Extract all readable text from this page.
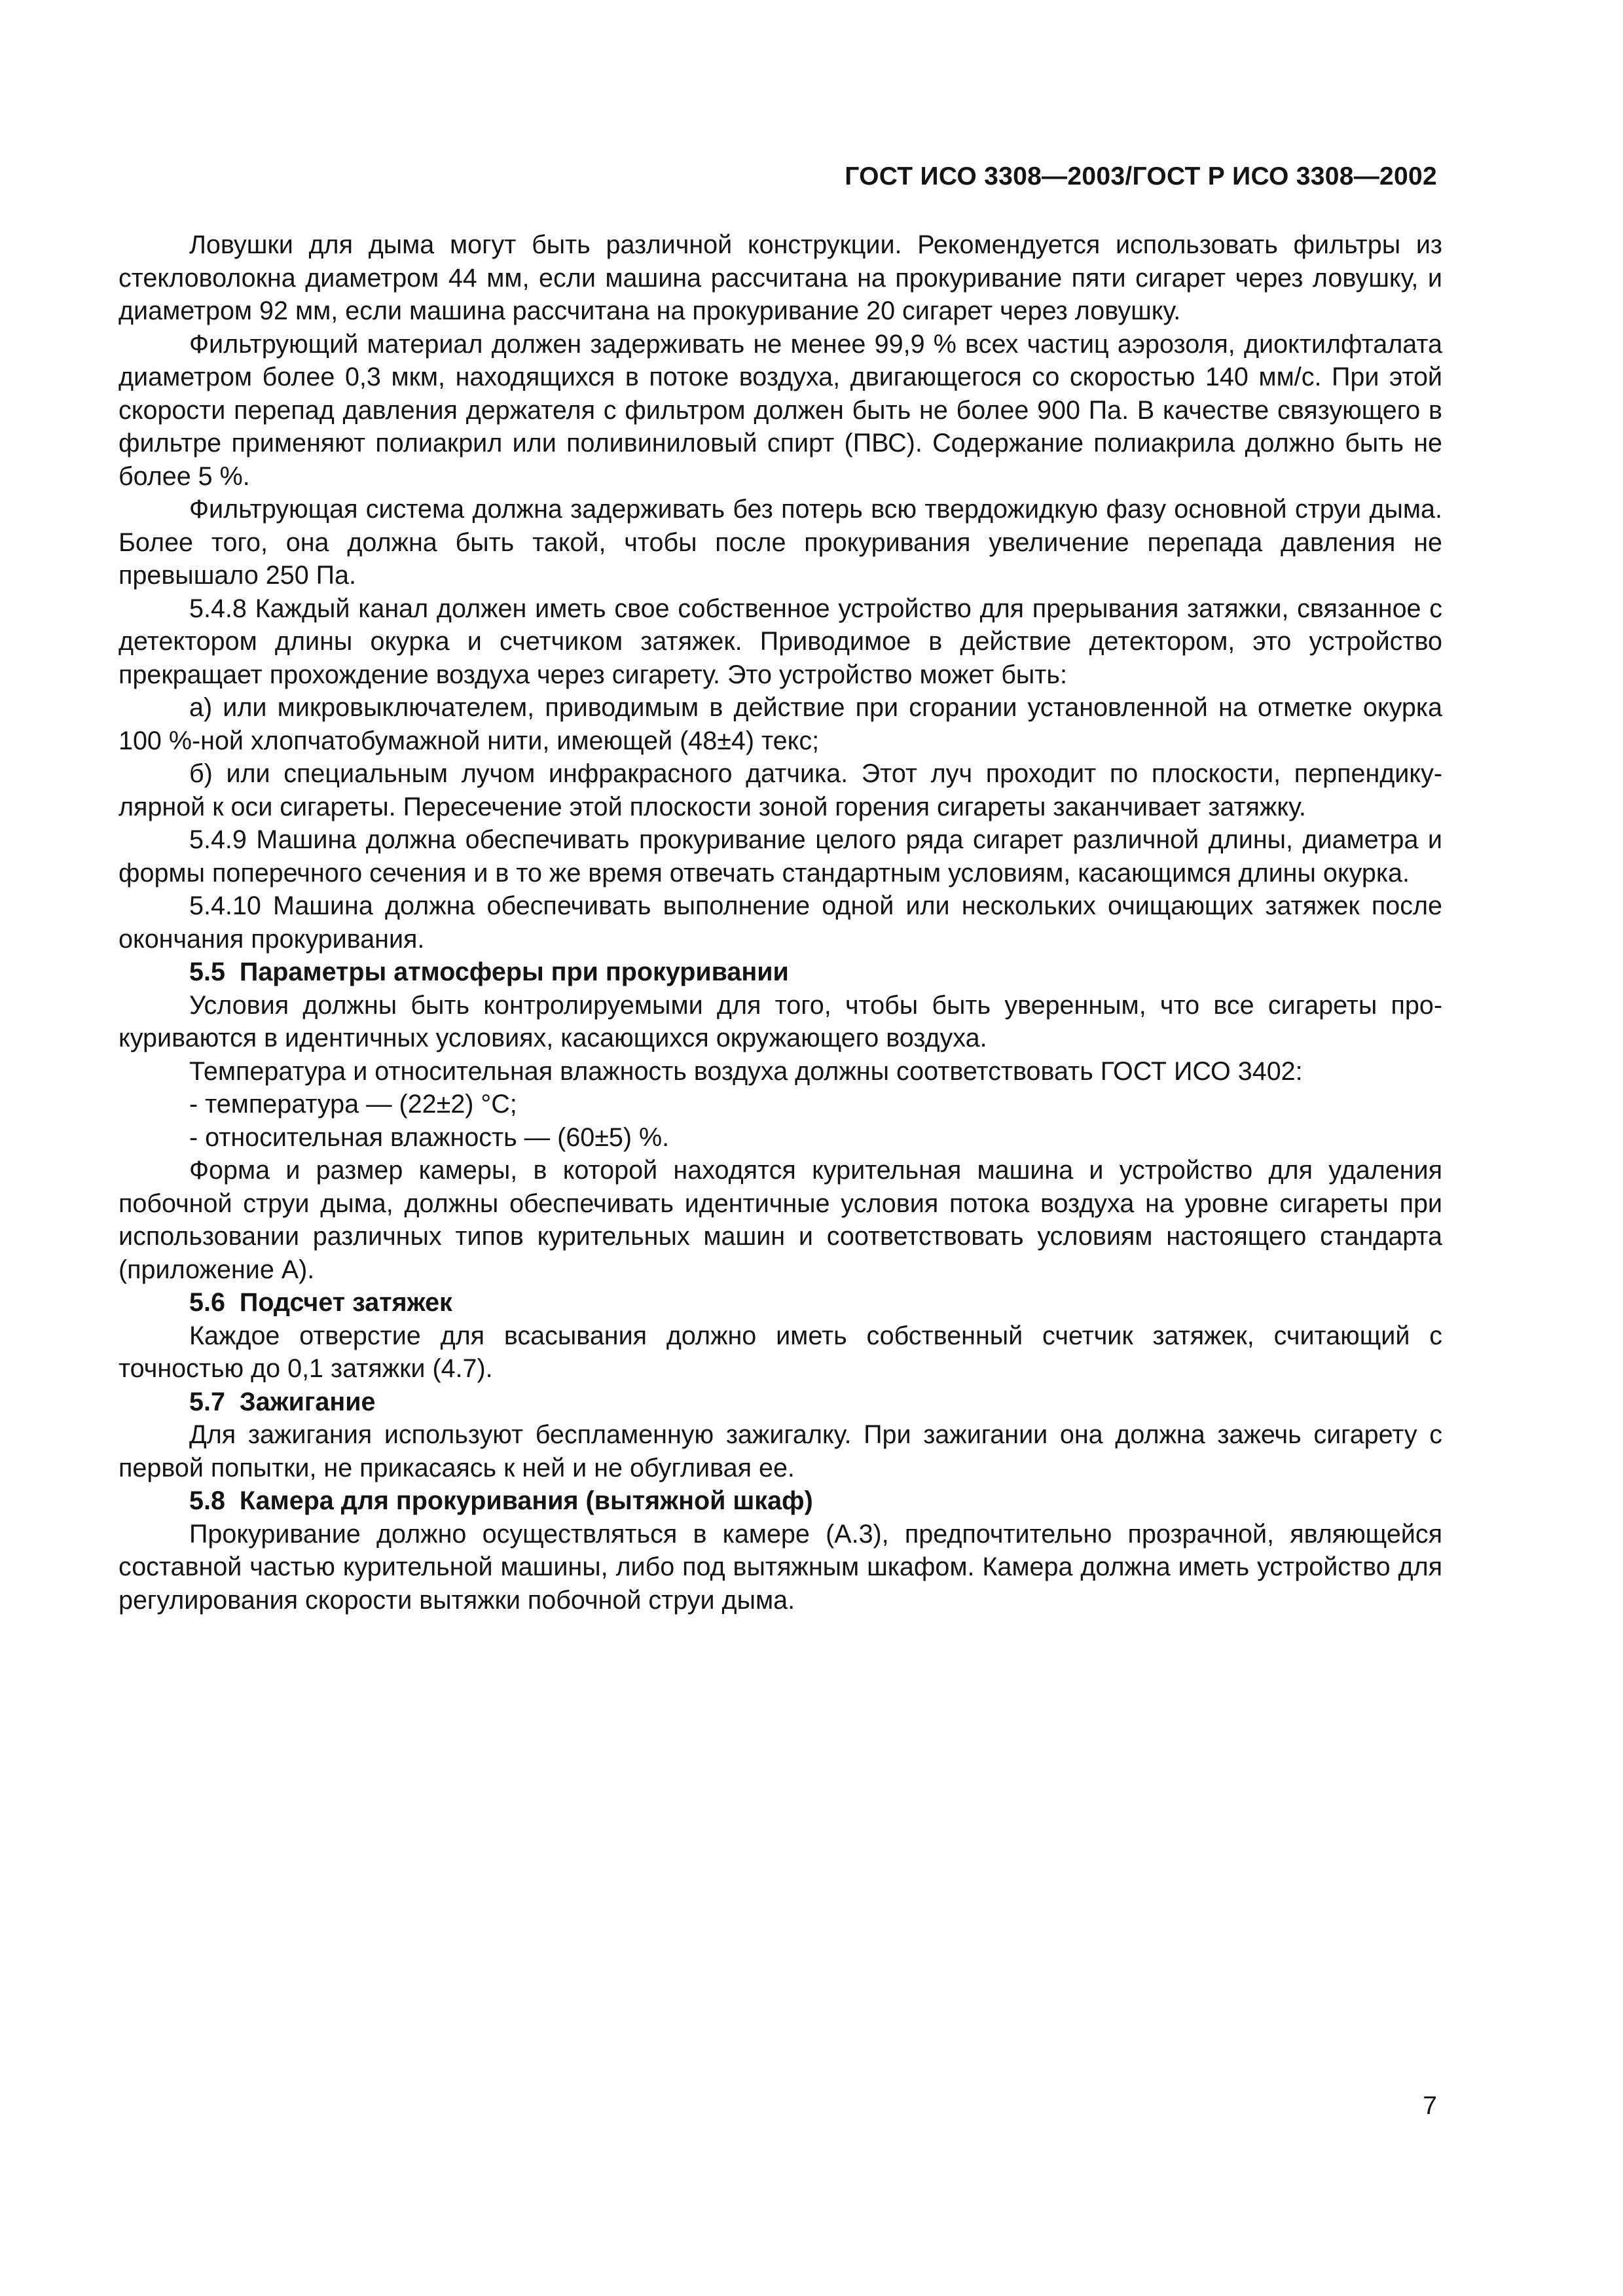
ГОСТ ИСО 3308—2003/ГОСТ Р ИСО 3308—2002

Ловушки для дыма могут быть различной конструкции. Рекомендуется использовать фильтры из стекловолокна диаметром 44 мм, если машина рассчитана на прокуривание пяти сигарет через ловушку, и диаметром 92 мм, если машина рассчитана на прокуривание 20 сигарет через ловушку.

Фильтрующий материал должен задерживать не менее 99,9 % всех частиц аэрозоля, диоктилфталата диаметром более 0,3 мкм, находящихся в потоке воздуха, двигающегося со скоростью 140 мм/с. При этой скорости перепад давления держателя с фильтром должен быть не более 900 Па. В качестве связующего в фильтре применяют полиакрил или поливиниловый спирт (ПВС). Содержание полиакрила должно быть не более 5 %.

Фильтрующая система должна задерживать без потерь всю твердожидкую фазу основной струи дыма. Более того, она должна быть такой, чтобы после прокуривания увеличение перепада давления не превышало 250 Па.

5.4.8 Каждый канал должен иметь свое собственное устройство для прерывания затяжки, связанное с детектором длины окурка и счетчиком затяжек. Приводимое в действие детектором, это устройство прекращает прохождение воздуха через сигарету. Это устройство может быть:

а) или микровыключателем, приводимым в действие при сгорании установленной на отметке окурка 100 %-ной хлопчатобумажной нити, имеющей (48±4) текс;

б) или специальным лучом инфракрасного датчика. Этот луч проходит по плоскости, перпендикулярной к оси сигареты. Пересечение этой плоскости зоной горения сигареты заканчивает затяжку.

5.4.9 Машина должна обеспечивать прокуривание целого ряда сигарет различной длины, диаметра и формы поперечного сечения и в то же время отвечать стандартным условиям, касающимся длины окурка.

5.4.10 Машина должна обеспечивать выполнение одной или нескольких очищающих затяжек после окончания прокуривания.

5.5 Параметры атмосферы при прокуривании

Условия должны быть контролируемыми для того, чтобы быть уверенным, что все сигареты прокуриваются в идентичных условиях, касающихся окружающего воздуха.

Температура и относительная влажность воздуха должны соответствовать ГОСТ ИСО 3402:

- температура — (22±2) °С;

- относительная влажность — (60±5) %.

Форма и размер камеры, в которой находятся курительная машина и устройство для удаления побочной струи дыма, должны обеспечивать идентичные условия потока воздуха на уровне сигареты при использовании различных типов курительных машин и соответствовать условиям настоящего стандарта (приложение А).

5.6 Подсчет затяжек

Каждое отверстие для всасывания должно иметь собственный счетчик затяжек, считающий с точностью до 0,1 затяжки (4.7).

5.7 Зажигание

Для зажигания используют беспламенную зажигалку. При зажигании она должна зажечь сигарету с первой попытки, не прикасаясь к ней и не обугливая ее.

5.8 Камера для прокуривания (вытяжной шкаф)

Прокуривание должно осуществляться в камере (А.3), предпочтительно прозрачной, являющейся составной частью курительной машины, либо под вытяжным шкафом. Камера должна иметь устройство для регулирования скорости вытяжки побочной струи дыма.

7
